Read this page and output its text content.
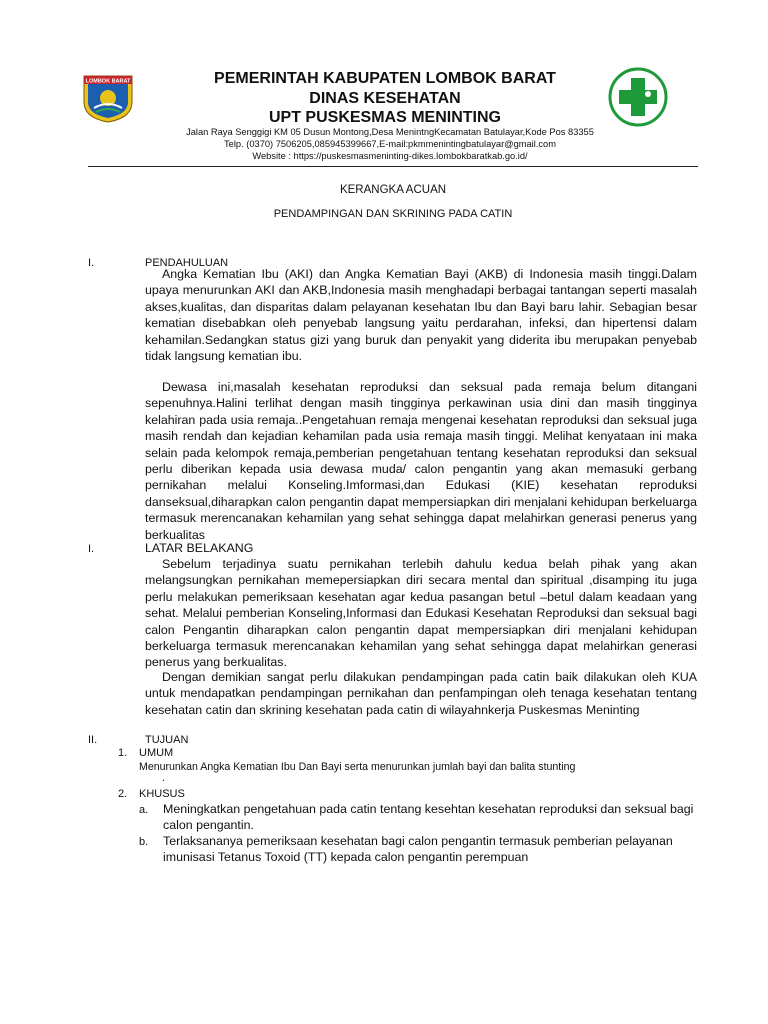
LOMBOK BARAT	PEMERINTAH KABUPATEN LOMBOK BARAT
DINAS KESEHATAN
UPT PUSKESMAS MENINTING
Jalan Raya Senggigi KM 05 Dusun Montong,Desa MenintngKecamatan Batulayar,Kode Pos 83355
Telp. (0370) 7506205,085945399667,E-mail:pkmmenintingbatulayar@gmail.com
Website : https://puskesmasmeninting-dikes.lombokbaratkab.go.id/
KERANGKA ACUAN
PENDAMPINGAN DAN SKRINING PADA CATIN
I.	PENDAHULUAN
Angka Kematian Ibu (AKI) dan Angka Kematian Bayi (AKB) di Indonesia masih tinggi.Dalam upaya menurunkan AKI dan AKB,Indonesia masih menghadapi berbagai tantangan seperti masalah akses,kualitas, dan disparitas dalam pelayanan kesehatan Ibu dan Bayi baru lahir. Sebagian besar kematian disebabkan oleh penyebab langsung yaitu perdarahan, infeksi, dan hipertensi dalam kehamilan.Sedangkan status gizi yang buruk dan penyakit yang diderita ibu merupakan penyebab tidak langsung kematian ibu.
Dewasa ini,masalah kesehatan reproduksi dan seksual pada remaja belum ditangani sepenuhnya.Halini terlihat dengan masih tingginya perkawinan usia dini dan masih tingginya kelahiran pada usia remaja..Pengetahuan remaja mengenai kesehatan reproduksi dan seksual juga masih rendah dan kejadian kehamilan pada usia remaja masih tinggi. Melihat kenyataan ini maka selain pada kelompok remaja,pemberian pengetahuan tentang kesehatan reproduksi dan seksual perlu diberikan kepada usia dewasa muda/ calon pengantin yang akan memasuki gerbang pernikahan melalui Konseling.Imformasi,dan Edukasi (KIE) kesehatan reproduksi danseksual,diharapkan calon pengantin dapat mempersiapkan diri menjalani kehidupan berkeluarga termasuk merencanakan kehamilan yang sehat sehingga dapat melahirkan generasi penerus yang berkualitas
I.	LATAR BELAKANG
Sebelum terjadinya suatu pernikahan terlebih dahulu kedua belah pihak yang akan melangsungkan pernikahan memepersiapkan diri secara mental dan spiritual ,disamping itu juga perlu melakukan pemeriksaan kesehatan agar kedua pasangan betul –betul dalam keadaan yang sehat. Melalui pemberian Konseling,Informasi dan Edukasi Kesehatan Reproduksi dan seksual bagi calon Pengantin diharapkan calon pengantin dapat mempersiapkan diri menjalani kehidupan berkeluarga termasuk merencanakan kehamilan yang sehat sehingga dapat melahirkan generasi penerus yang berkualitas.
Dengan demikian sangat perlu dilakukan pendampingan pada catin baik dilakukan oleh KUA untuk mendapatkan pendampingan pernikahan dan penfampingan oleh tenaga kesehatan tentang kesehatan catin dan skrining kesehatan pada catin di wilayahnkerja Puskesmas Meninting
II.	TUJUAN
1. UMUM
Menurunkan Angka Kematian Ibu Dan Bayi serta menurunkan jumlah bayi dan balita stunting
.
2. KHUSUS
a. Meningkatkan pengetahuan pada catin tentang kesehtan kesehatan reproduksi dan seksual bagi calon pengantin.
b. Terlaksananya pemeriksaan kesehatan bagi calon pengantin termasuk pemberian pelayanan imunisasi Tetanus Toxoid (TT) kepada calon pengantin perempuan
